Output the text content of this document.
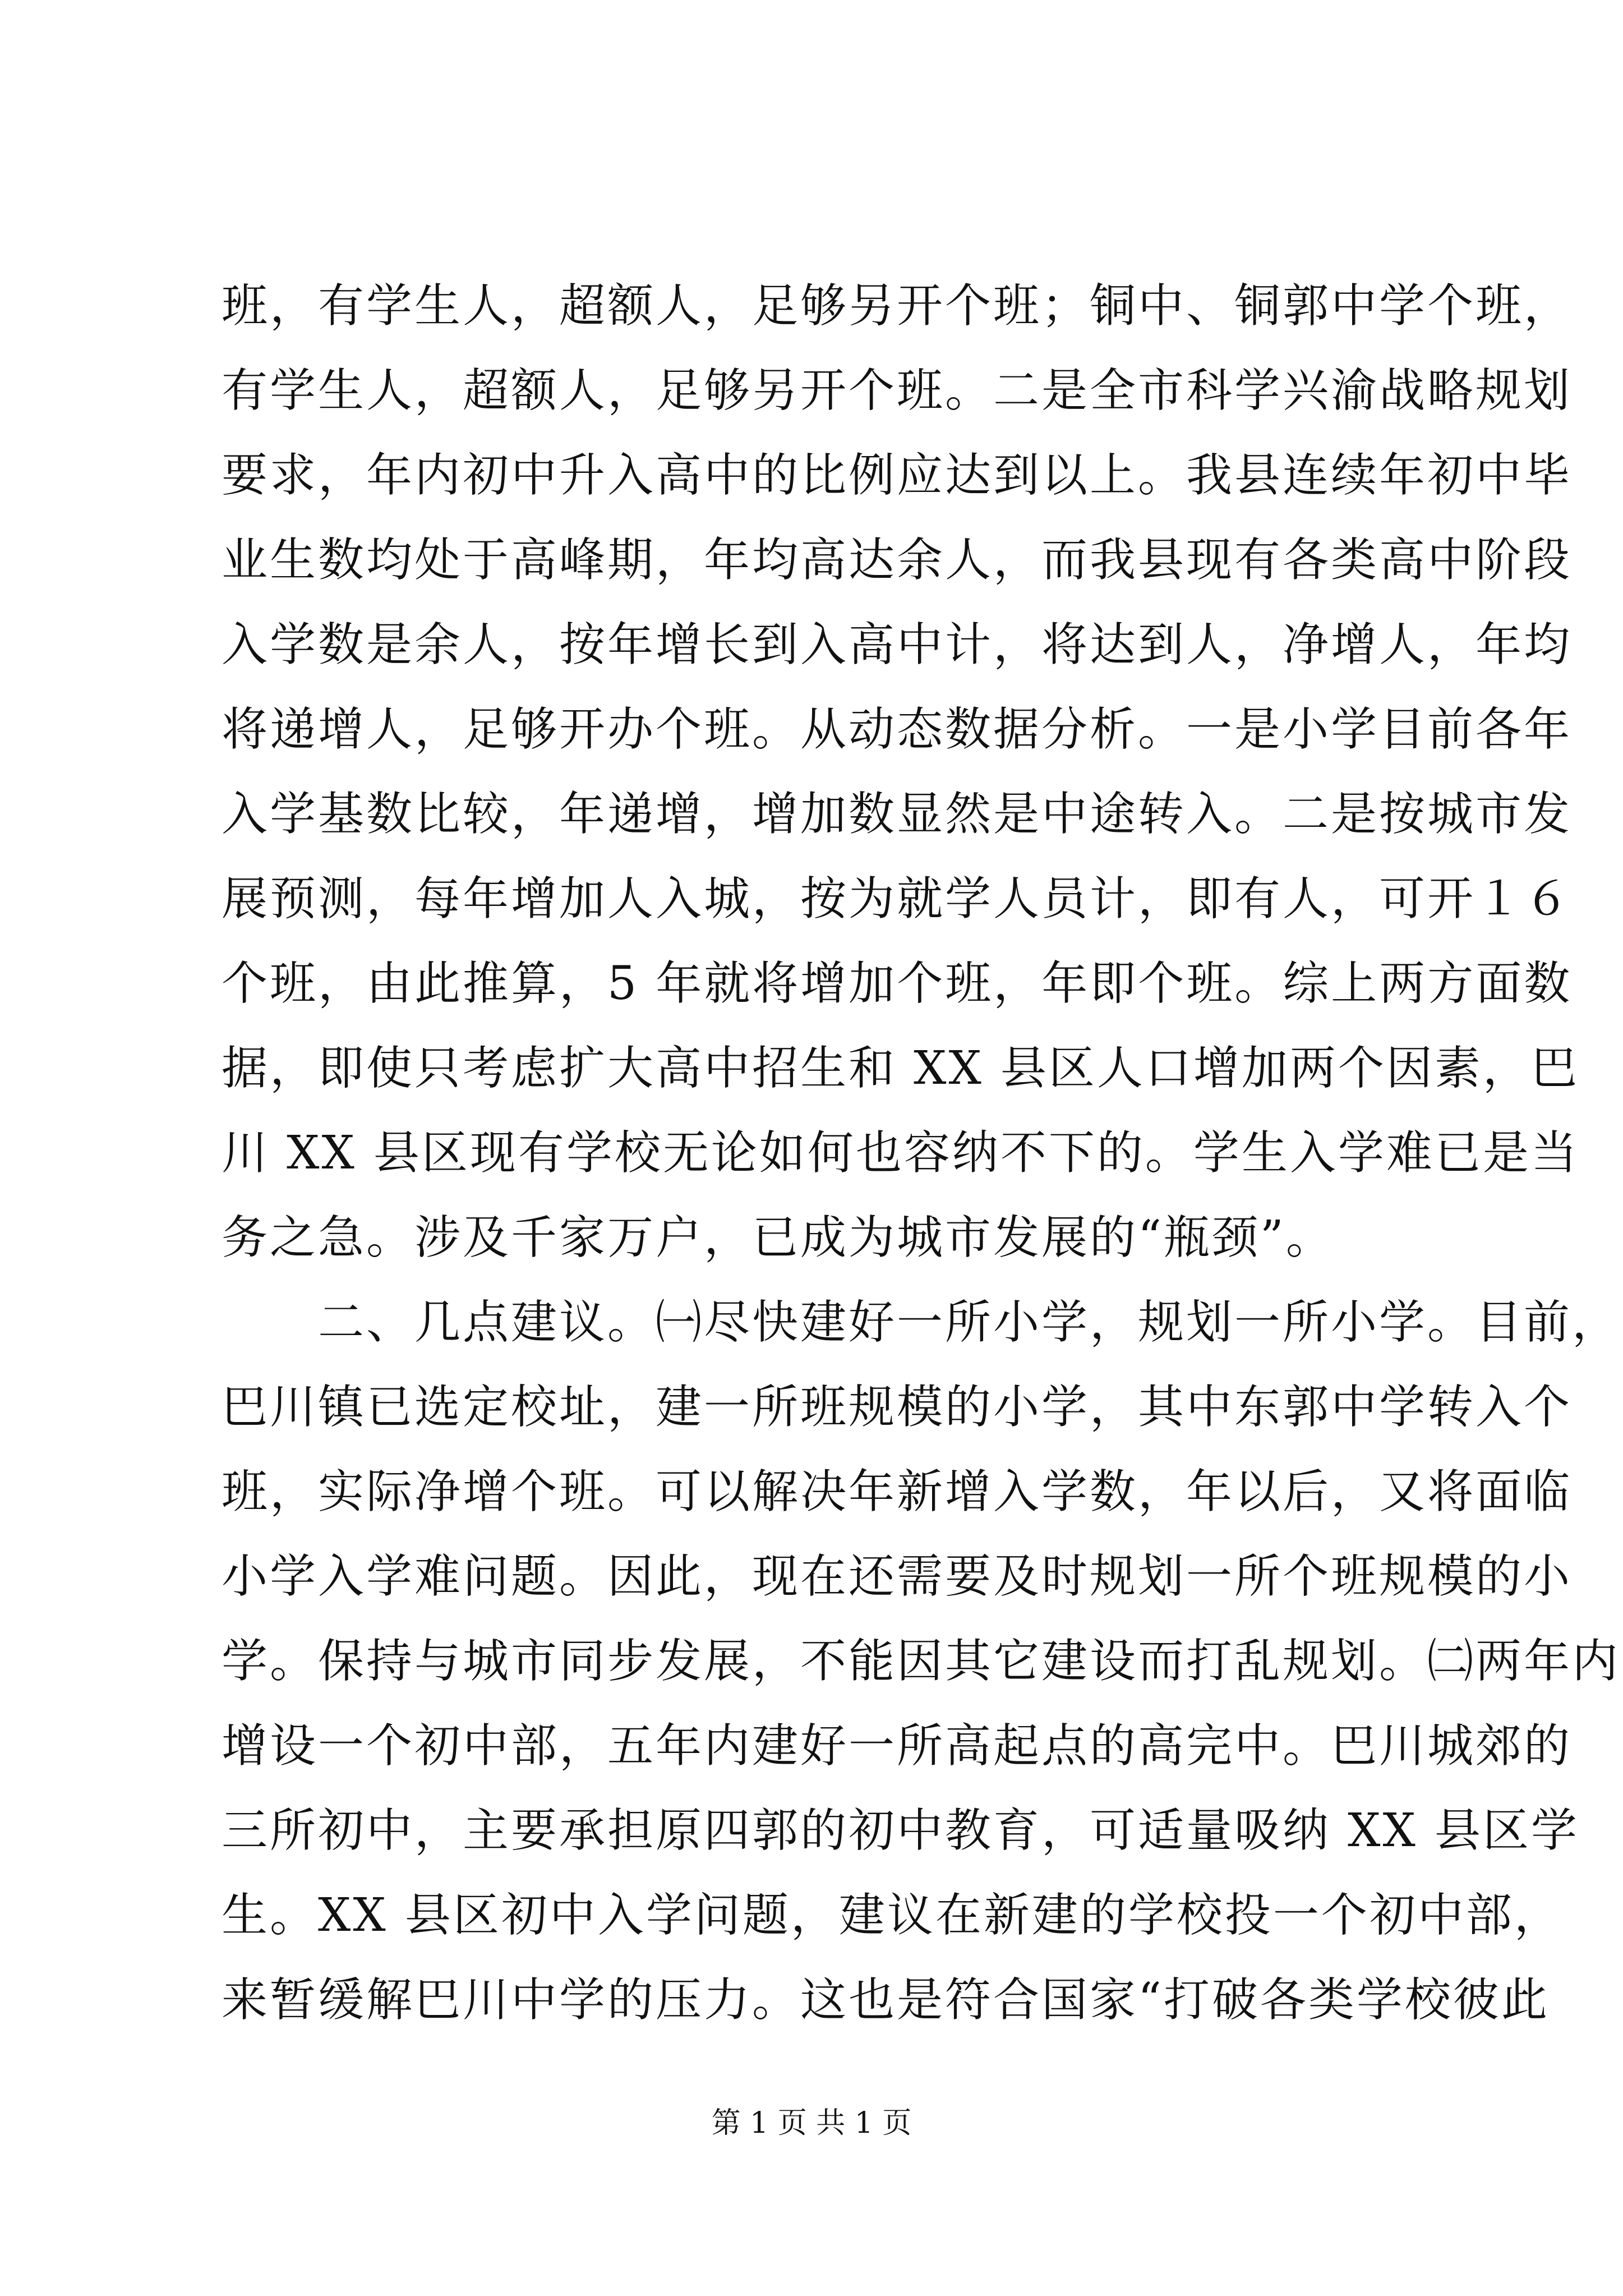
班，有学生人，超额人，足够另开个班；铜中、铜郭中学个班，
有学生人，超额人，足够另开个班。二是全市科学兴渝战略规划
要求，年内初中升入高中的比例应达到以上。我县连续年初中毕
业生数均处于高峰期，年均高达余人，而我县现有各类高中阶段
入学数是余人，按年增长到入高中计，将达到人，净增人，年均
将递增人，足够开办个班。从动态数据分析。一是小学目前各年
入学基数比较，年递增，增加数显然是中途转入。二是按城市发
展预测，每年增加人入城，按为就学人员计，即有人，可开１６
个班，由此推算，5 年就将增加个班，年即个班。综上两方面数
据，即使只考虑扩大高中招生和 XX 县区人口增加两个因素，巴
川 XX 县区现有学校无论如何也容纳不下的。学生入学难已是当
务之急。涉及千家万户，已成为城市发展的“瓶颈”。
　　二、几点建议。㈠尽快建好一所小学，规划一所小学。目前，
巴川镇已选定校址，建一所班规模的小学，其中东郭中学转入个
班，实际净增个班。可以解决年新增入学数，年以后，又将面临
小学入学难问题。因此，现在还需要及时规划一所个班规模的小
学。保持与城市同步发展，不能因其它建设而打乱规划。㈡两年内
增设一个初中部，五年内建好一所高起点的高完中。巴川城郊的
三所初中，主要承担原四郭的初中教育，可适量吸纳 XX 县区学
生。XX 县区初中入学问题，建议在新建的学校投一个初中部，
来暂缓解巴川中学的压力。这也是符合国家“打破各类学校彼此
第 1 页 共 1 页
